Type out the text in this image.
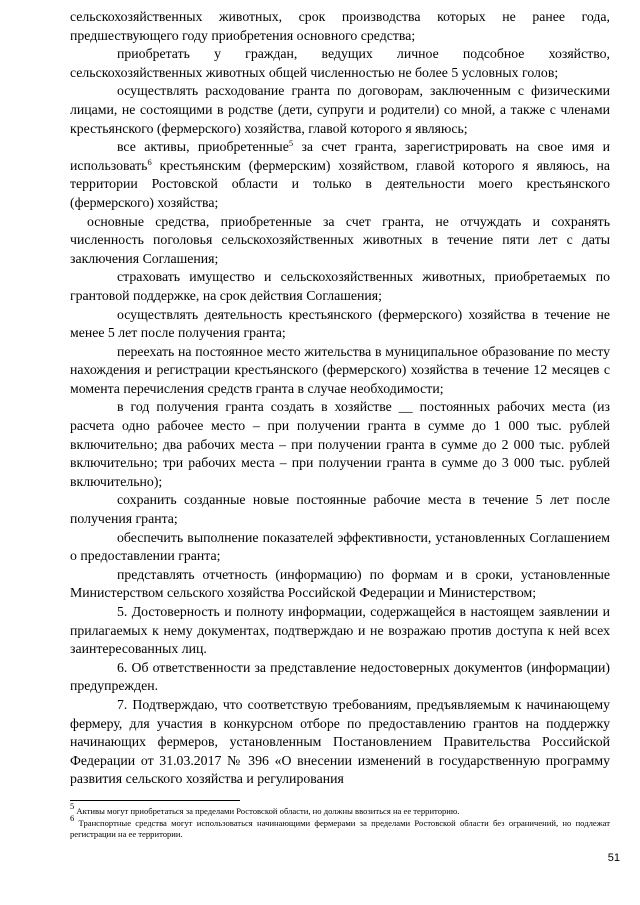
сельскохозяйственных животных, срок производства которых не ранее года, предшествующего году приобретения основного средства;

приобретать у граждан, ведущих личное подсобное хозяйство, сельскохозяйственных животных общей численностью не более 5 условных голов;

осуществлять расходование гранта по договорам, заключенным с физическими лицами, не состоящими в родстве (дети, супруги и родители) со мной, а также с членами крестьянского (фермерского) хозяйства, главой которого я являюсь;

все активы, приобретенные$^5$ за счет гранта, зарегистрировать на свое имя и использовать$^6$ крестьянским (фермерским) хозяйством, главой которого я являюсь, на территории Ростовской области и только в деятельности моего крестьянского (фермерского) хозяйства;

основные средства, приобретенные за счет гранта, не отчуждать и сохранять численность поголовья сельскохозяйственных животных в течение пяти лет с даты заключения Соглашения;

страховать имущество и сельскохозяйственных животных, приобретаемых по грантовой поддержке, на срок действия Соглашения;

осуществлять деятельность крестьянского (фермерского) хозяйства в течение не менее 5 лет после получения гранта;

переехать на постоянное место жительства в муниципальное образование по месту нахождения и регистрации крестьянского (фермерского) хозяйства в течение 12 месяцев с момента перечисления средств гранта в случае необходимости;

в год получения гранта создать в хозяйстве __ постоянных рабочих места (из расчета одно рабочее место – при получении гранта в сумме до 1 000 тыс. рублей включительно; два рабочих места – при получении гранта в сумме до 2 000 тыс. рублей включительно; три рабочих места – при получении гранта в сумме до 3 000 тыс. рублей включительно);

сохранить созданные новые постоянные рабочие места в течение 5 лет после получения гранта;

обеспечить выполнение показателей эффективности, установленных Соглашением о предоставлении гранта;

представлять отчетность (информацию) по формам и в сроки, установленные Министерством сельского хозяйства Российской Федерации и Министерством;

5. Достоверность и полноту информации, содержащейся в настоящем заявлении и прилагаемых к нему документах, подтверждаю и не возражаю против доступа к ней всех заинтересованных лиц.

6. Об ответственности за представление недостоверных документов (информации) предупрежден.

7. Подтверждаю, что соответствую требованиям, предъявляемым к начинающему фермеру, для участия в конкурсном отборе по предоставлению грантов на поддержку начинающих фермеров, установленным Постановлением Правительства Российской Федерации от 31.03.2017 № 396 «О внесении изменений в государственную программу развития сельского хозяйства и регулирования

$^5$ Активы могут приобретаться за пределами Ростовской области, но должны ввозиться на ее территорию.

$^6$ Транспортные средства могут использоваться начинающими фермерами за пределами Ростовской области без ограничений, но подлежат регистрации на ее территории.

51
